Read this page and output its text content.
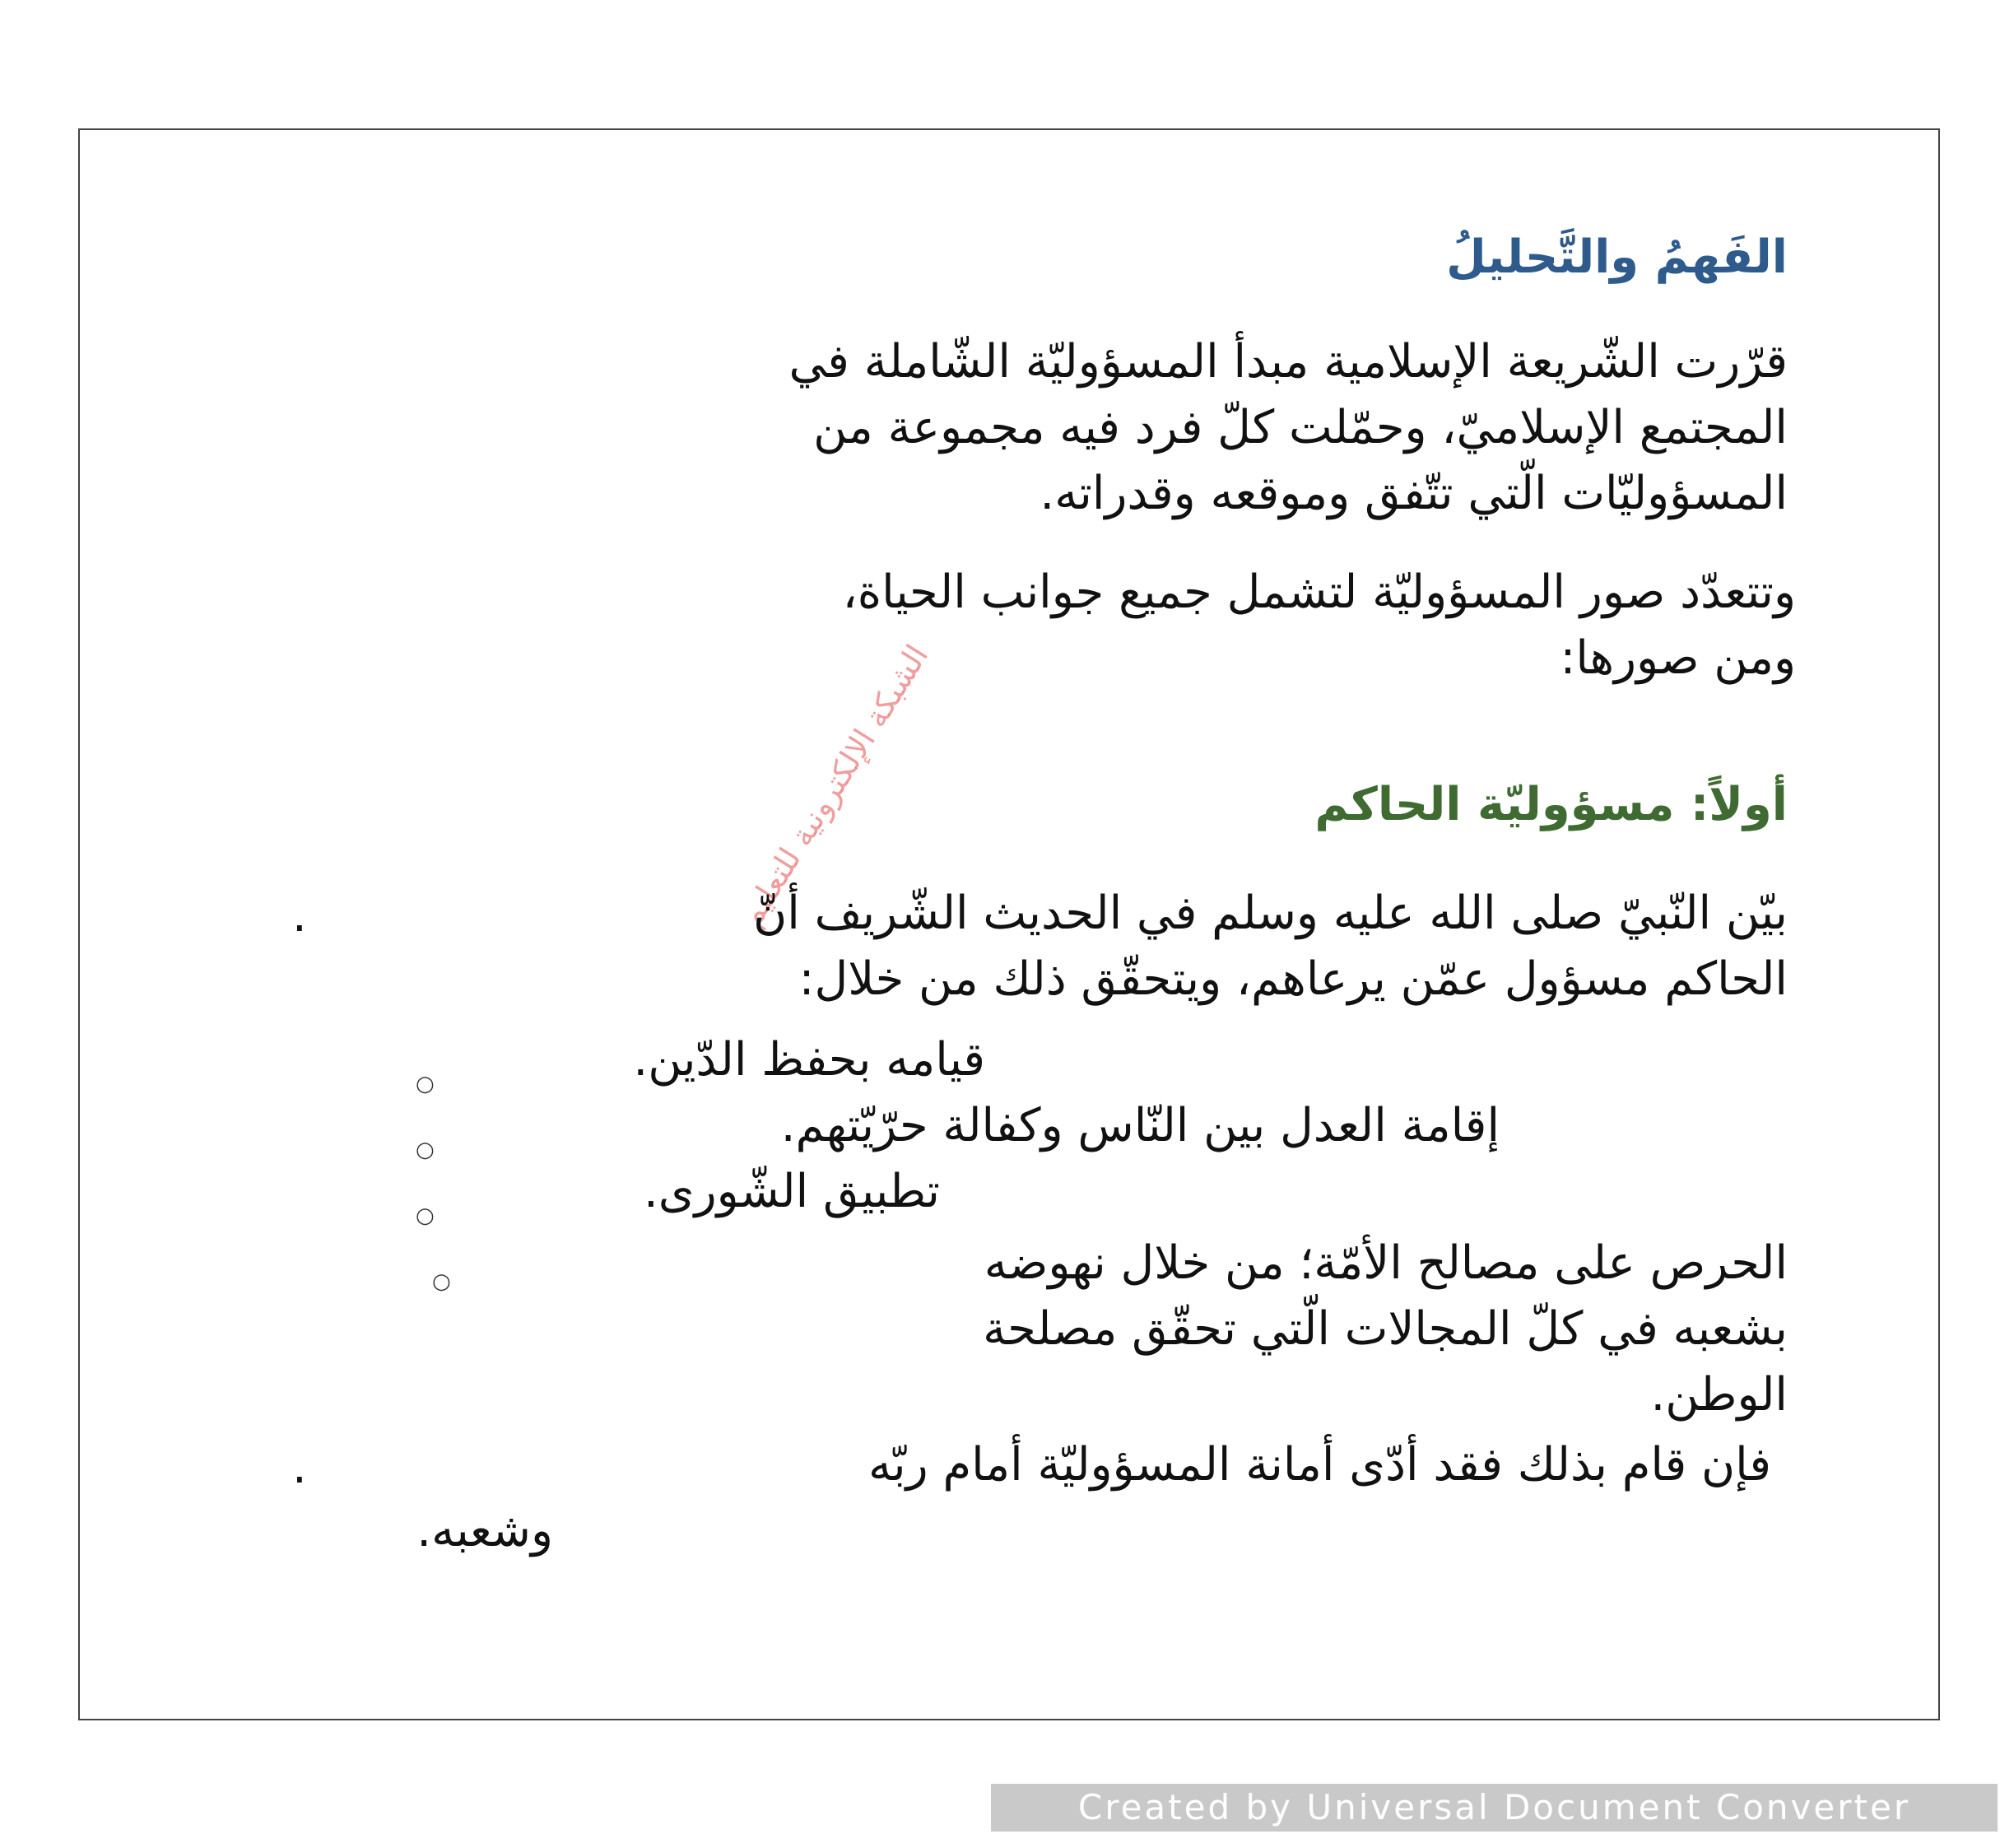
الفَهمُ والتَّحليلُ
قرّرت الشّريعة الإسلامية مبدأ المسؤوليّة الشّاملة في
المجتمع الإسلاميّ، وحمّلت كلّ فرد فيه مجموعة من
المسؤوليّات الّتي تتّفق وموقعه وقدراته.
وتتعدّد صور المسؤوليّة لتشمل جميع جوانب الحياة،
ومن صورها:
أولاً: مسؤوليّة الحاكم
الشبكة الإلكترونية للتعليم
.	بيّن النّبيّ صلى الله عليه وسلم في الحديث الشّريف أنّ
الحاكم مسؤول عمّن يرعاهم، ويتحقّق ذلك من خلال:
○	قيامه بحفظ الدّين.
○	إقامة العدل بين النّاس وكفالة حرّيّتهم.
○	تطبيق الشّورى.
○	الحرص على مصالح الأمّة؛ من خلال نهوضه
بشعبه في كلّ المجالات الّتي تحقّق مصلحة
الوطن.
.	فإن قام بذلك فقد أدّى أمانة المسؤوليّة أمام ربّه
وشعبه.
Created by Universal Document Converter
